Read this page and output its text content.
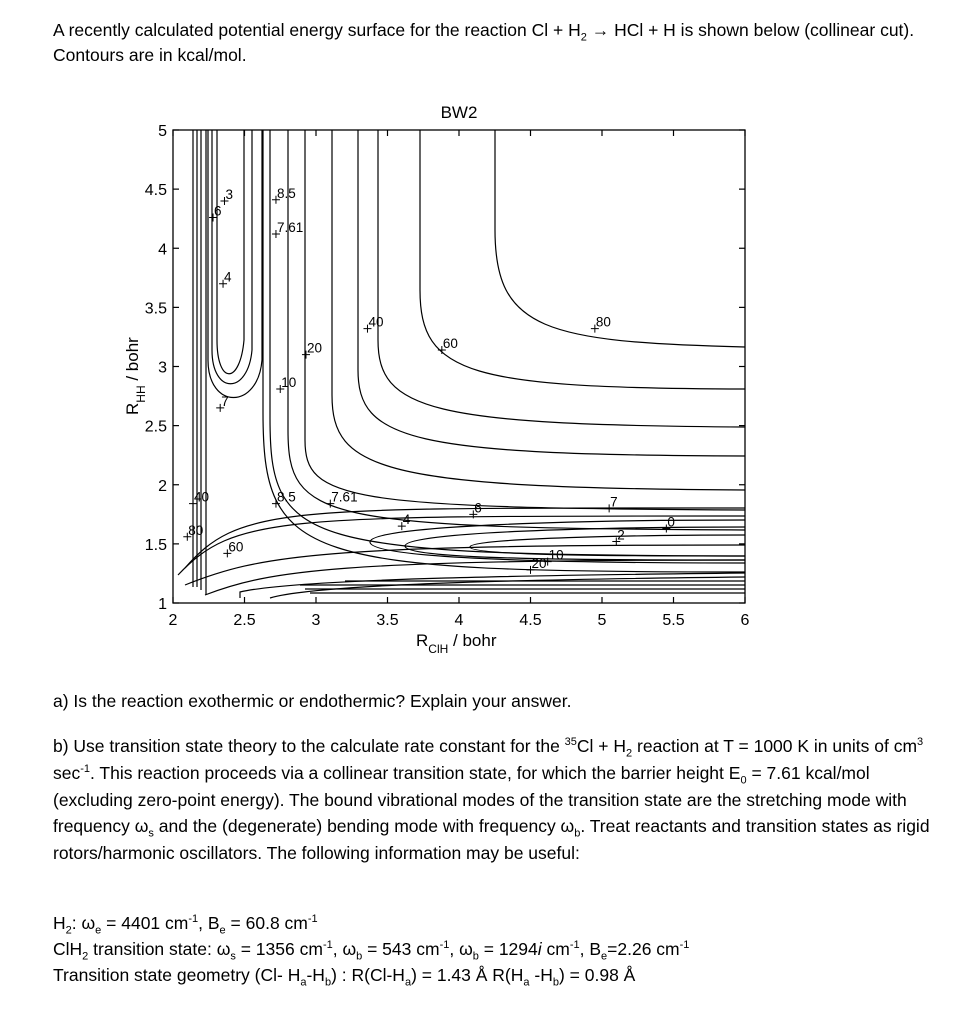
A recently calculated potential energy surface for the reaction $Cl + H_2$ → HCl + H is shown below (collinear cut). Contours are in kcal/mol.
BW2
2	2.5	3	3.5	4	4.5	5	5.5	6
1
1.5
2
2.5
3
3.5
4
4.5
5
3
6
8.5
7.61
4
7
10
20
40
60
80
40
80
60
8.5	7.61
4
6	7
0
2
10
20
$R_{ClH}$ / bohr
$R_{HH}$ / bohr
a) Is the reaction exothermic or endothermic? Explain your answer.
b) Use transition state theory to the calculate rate constant for the $^{35}Cl + H_2$ reaction at T = 1000 K in units of $cm^3$ $\sec^{-1}$. This reaction proceeds via a collinear transition state, for which the barrier height $E_0 = 7.61$ kcal/mol (excluding zero-point energy). The bound vibrational modes of the transition state are the stretching mode with frequency $\omega_s$ and the (degenerate) bending mode with frequency $\omega_b$. Treat reactants and transition states as rigid rotors/harmonic oscillators. The following information may be useful:
$H_2$: $\omega_e = 4401$ $cm^{-1}$, $B_e = 60.8$ $cm^{-1}$
ClH$_2$ transition state: $\omega_s = 1356$ $cm^{-1}$, $\omega_b = 543$ $cm^{-1}$, $\omega_b = 1294i$ $cm^{-1}$, $B_e=2.26$ $cm^{-1}$
Transition state geometry (Cl- $H_a-H_b$) : $R(Cl-H_a) = 1.43$ Å $R(H_a$ $-H_b) = 0.98$ Å
